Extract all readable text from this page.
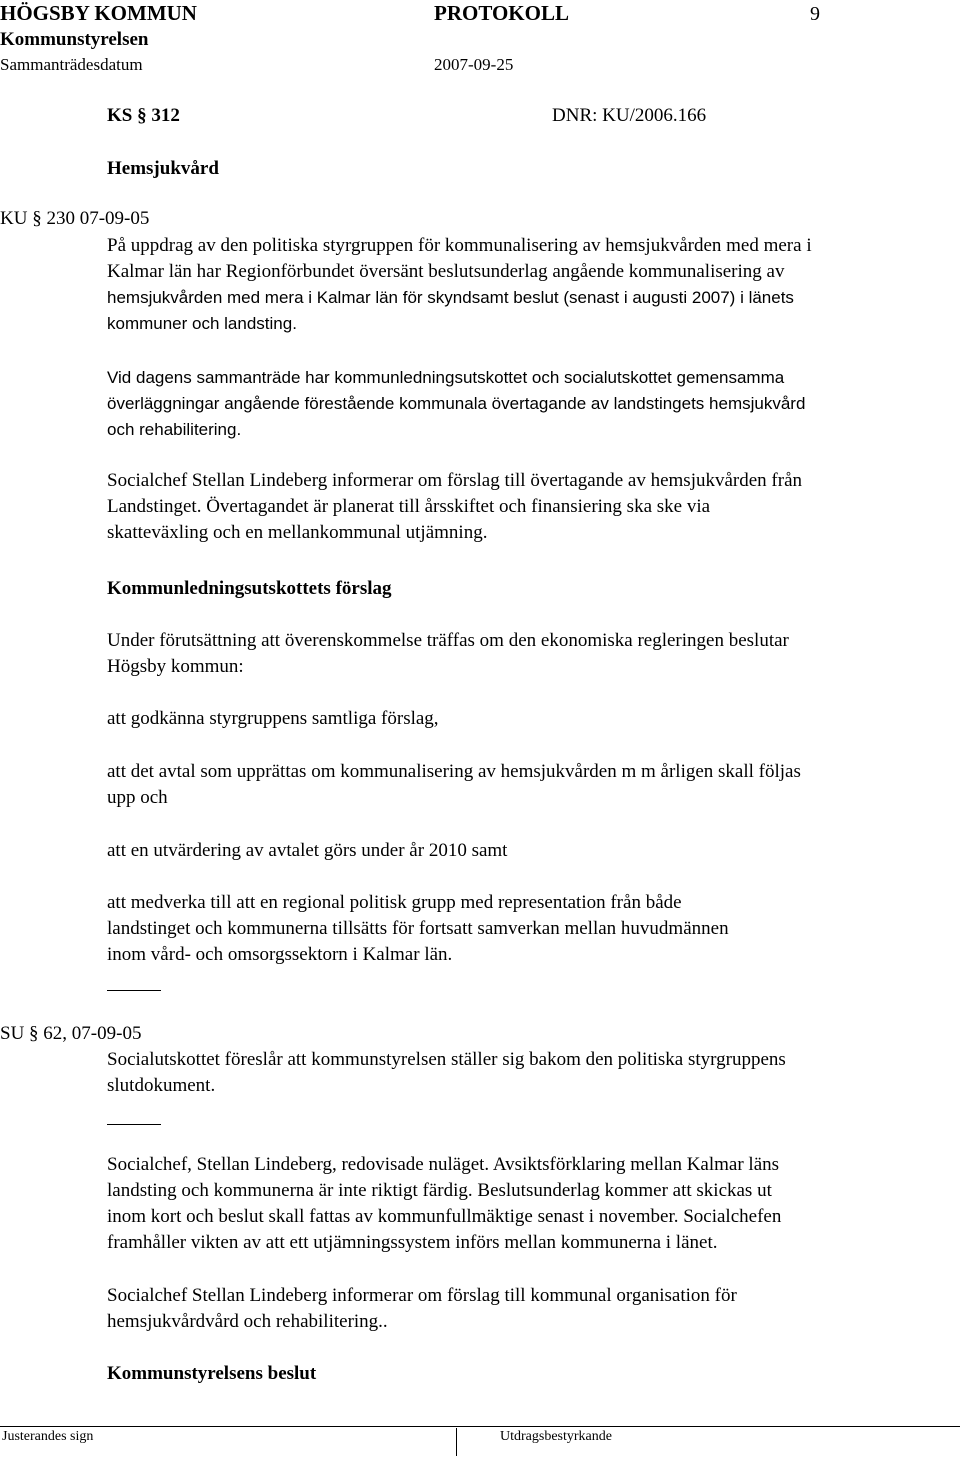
HÖGSBY KOMMUN	PROTOKOLL	9
Kommunstyrelsen
Sammanträdesdatum	2007-09-25
KS § 312	DNR: KU/2006.166
Hemsjukvård
KU § 230 07-09-05
På uppdrag av den politiska styrgruppen för kommunalisering av hemsjukvården med mera i
Kalmar län har Regionförbundet översänt beslutsunderlag angående kommunalisering av
hemsjukvården med mera i Kalmar län för skyndsamt beslut (senast i augusti 2007) i länets
kommuner och landsting.
Vid dagens sammanträde har kommunledningsutskottet och socialutskottet gemensamma
överläggningar angående förestående kommunala övertagande av landstingets hemsjukvård
och rehabilitering.
Socialchef Stellan Lindeberg informerar om förslag till övertagande av hemsjukvården från
Landstinget. Övertagandet är planerat till årsskiftet och finansiering ska ske via
skatteväxling och en mellankommunal utjämning.
Kommunledningsutskottets förslag
Under förutsättning att överenskommelse träffas om den ekonomiska regleringen beslutar
Högsby kommun:
att godkänna styrgruppens samtliga förslag,
att det avtal som upprättas om kommunalisering av hemsjukvården m m årligen skall följas
upp och
att en utvärdering av avtalet görs under år 2010 samt
att medverka till att en regional politisk grupp med representation från både
landstinget och kommunerna tillsätts för fortsatt samverkan mellan huvudmännen
inom vård- och omsorgssektorn i Kalmar län.
SU § 62, 07-09-05
Socialutskottet föreslår att kommunstyrelsen ställer sig bakom den politiska styrgruppens
slutdokument.
Socialchef, Stellan Lindeberg, redovisade nuläget. Avsiktsförklaring mellan Kalmar läns
landsting och kommunerna är inte riktigt färdig. Beslutsunderlag kommer att skickas ut
inom kort och beslut skall fattas av kommunfullmäktige senast i november. Socialchefen
framhåller vikten av att ett utjämningssystem införs mellan kommunerna i länet.
Socialchef Stellan Lindeberg informerar om förslag till kommunal organisation för
hemsjukvårdvård och rehabilitering..
Kommunstyrelsens beslut
Justerandes sign	Utdragsbestyrkande
